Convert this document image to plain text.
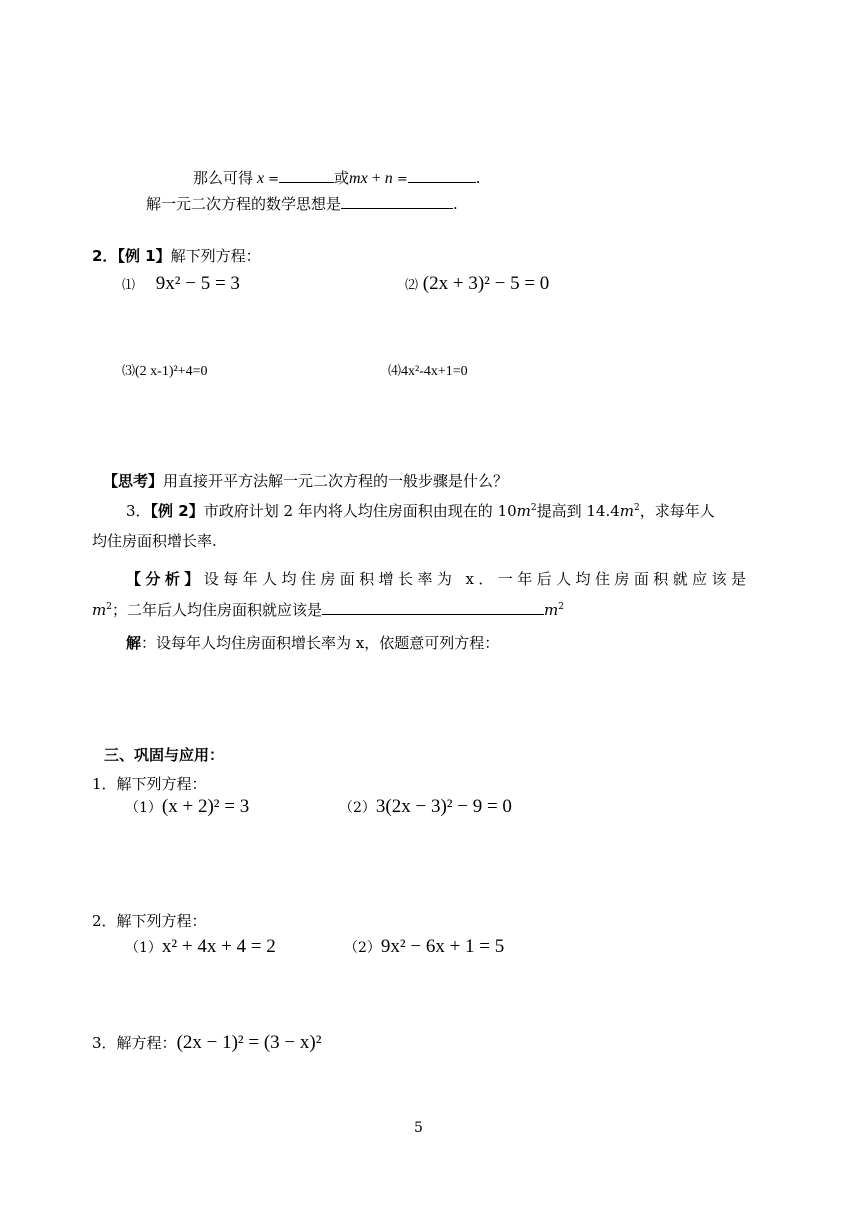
那么可得 x =	或mx + n =	.
解一元二次方程的数学思想是	.
2．【例 1】解下列方程：
⑴ 9x² − 5 = 3	⑵ (2x + 3)² − 5 = 0
⑶(2 x-1)²+4=0	⑷4x²-4x+1=0
【思考】用直接开平方法解一元二次方程的一般步骤是什么？
3．【例 2】市政府计划 2 年内将人均住房面积由现在的 $10m^2$提高到 $14.4m^2$，求每年人
均住房面积增长率.
【分析】设每年人均住房面积增长率为 x．一年后人均住房面积就应该是
$m^2$；二年后人均住房面积就应该是	$m^2$
解：设每年人均住房面积增长率为 x，依题意可列方程：
三、巩固与应用：
1．解下列方程：
（1）(x + 2)² = 3	（2）3(2x − 3)² − 9 = 0
2．解下列方程：
（1）x² + 4x + 4 = 2	（2）9x² − 6x + 1 = 5
3．解方程：(2x − 1)² = (3 − x)²
5
